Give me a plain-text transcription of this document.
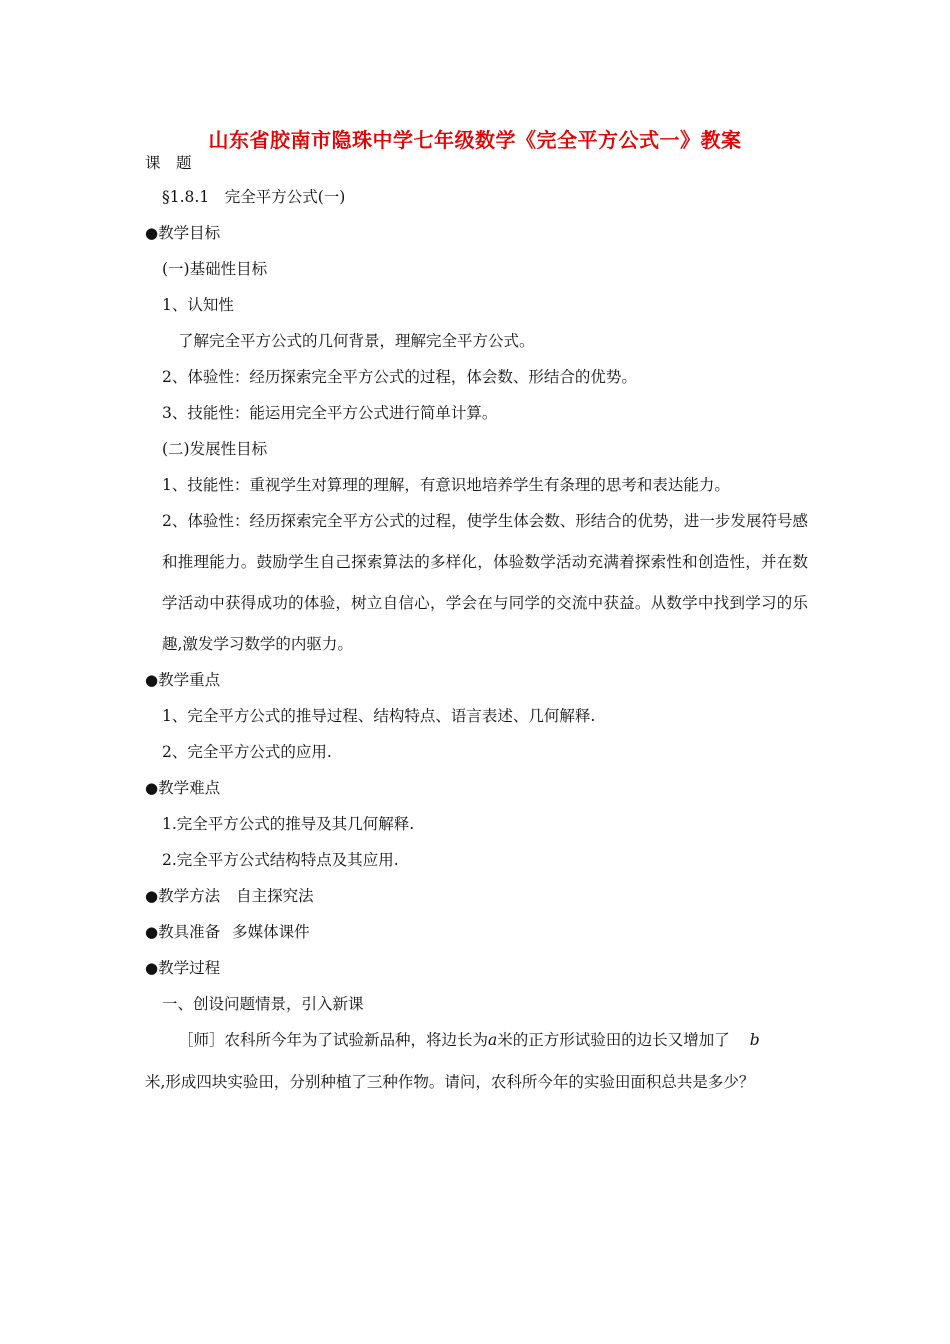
山东省胶南市隐珠中学七年级数学《完全平方公式一》教案
课　题
§1.8.1　完全平方公式(一)
●教学目标
(一)基础性目标
1、认知性
了解完全平方公式的几何背景，理解完全平方公式。
2、体验性：经历探索完全平方公式的过程，体会数、形结合的优势。
3、技能性：能运用完全平方公式进行简单计算。
(二)发展性目标
1、技能性：重视学生对算理的理解，有意识地培养学生有条理的思考和表达能力。
2、体验性：经历探索完全平方公式的过程，使学生体会数、形结合的优势，进一步发展符号感和推理能力。鼓励学生自己探索算法的多样化，体验数学活动充满着探索性和创造性，并在数学活动中获得成功的体验，树立自信心，学会在与同学的交流中获益。从数学中找到学习的乐趣,激发学习数学的内驱力。
●教学重点
1、完全平方公式的推导过程、结构特点、语言表述、几何解释.
2、完全平方公式的应用.
●教学难点
1.完全平方公式的推导及其几何解释.
2.完全平方公式结构特点及其应用.
●教学方法 自主探究法
●教具准备 多媒体课件
●教学过程
一、创设问题情景，引入新课
［师］农科所今年为了试验新品种，将边长为a米的正方形试验田的边长又增加了 b
米,形成四块实验田，分别种植了三种作物。请问，农科所今年的实验田面积总共是多少？
